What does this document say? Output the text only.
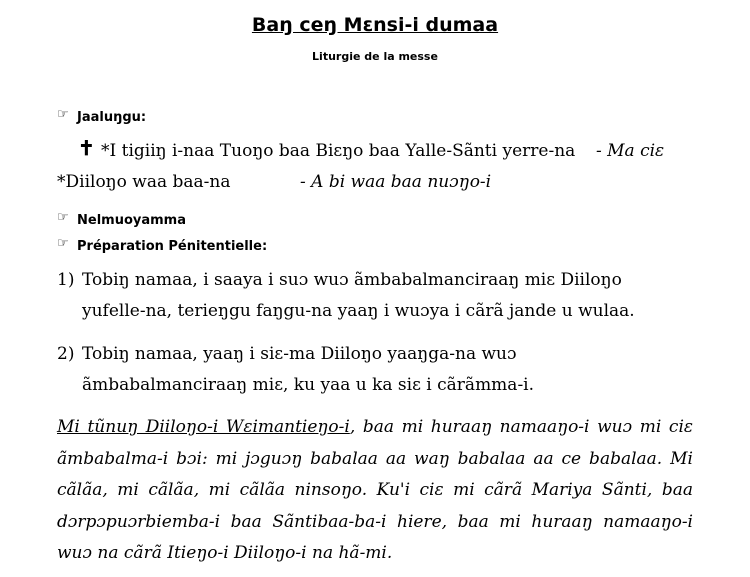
Baŋ ceŋ Mɛnsi-i dumaa
Liturgie de la messe
☞ Jaaluŋgu:
✝ *I tigiiŋ i-naa Tuoŋo baa Biɛŋo baa Yalle-Sãnti yerre-na - Ma ciɛ
*Diiloŋo waa baa-na	- A bi waa baa nuɔŋo-i
☞ Nelmuoyamma
☞ Préparation Pénitentielle:
1) Tobiŋ namaa, i saaya i suɔ wuɔ ãmbabalmanciraaŋ miɛ Diiloŋo
yufelle-na, terieŋgu faŋgu-na yaaŋ i wuɔya i cãrã jande u wulaa.
2) Tobiŋ namaa, yaaŋ i siɛ-ma Diiloŋo yaaŋga-na wuɔ
ãmbabalmanciraaŋ miɛ, ku yaa u ka siɛ i cãrãmma-i.
Mi tũnuŋ Diiloŋo-i Wɛimantieŋo-i, baa mi huraaŋ namaaŋo-i wuɔ mi ciɛ ãmbabalma-i bɔi: mi jɔguɔŋ babalaa aa waŋ babalaa aa ce babalaa. Mi cãlãa, mi cãlãa, mi cãlãa ninsoŋo. Ku'i ciɛ mi cãrã Mariya Sãnti, baa dɔrpɔpuɔrbiemba-i baa Sãntibaa-ba-i hiere, baa mi huraaŋ namaaŋo-i wuɔ na cãrã Itieŋo-i Diiloŋo-i na hã-mi.
